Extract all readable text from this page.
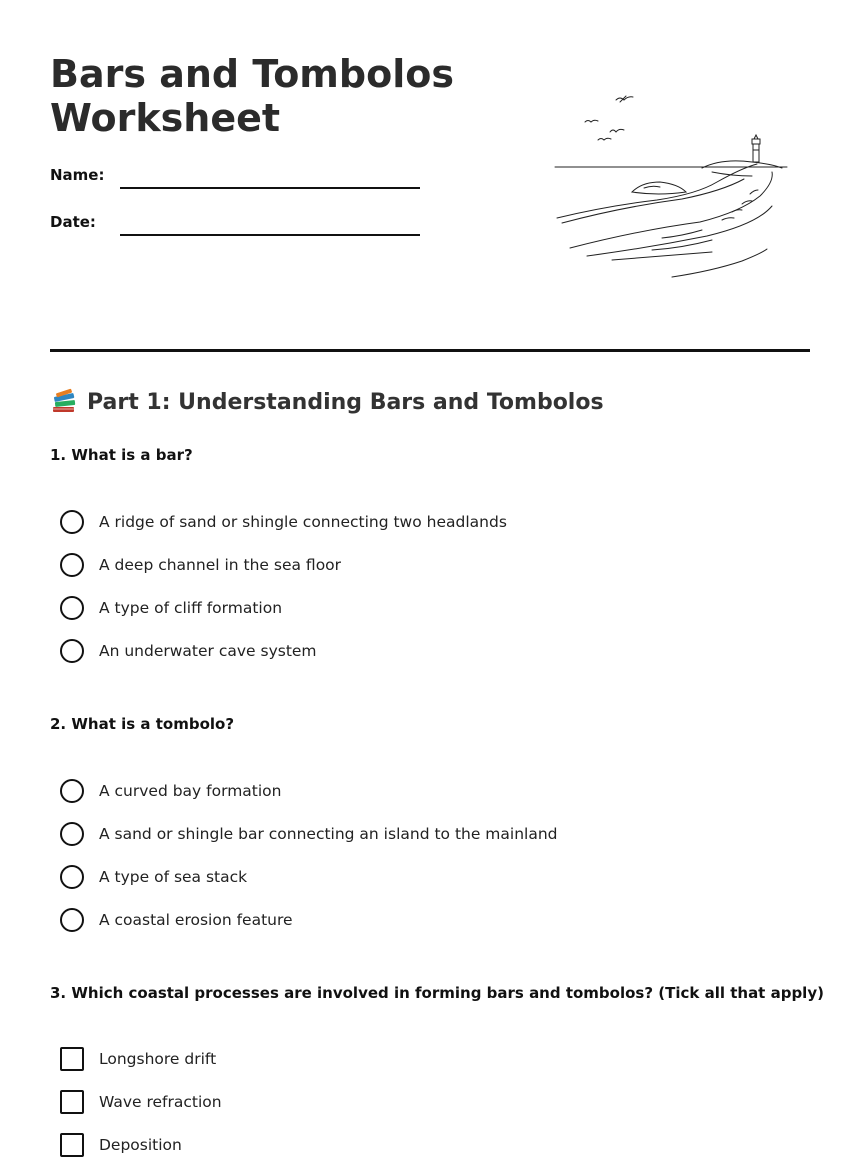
Bars and Tombolos Worksheet
Name:
Date:
Part 1: Understanding Bars and Tombolos

1. What is a bar?

A ridge of sand or shingle connecting two headlands
A deep channel in the sea floor
A type of cliff formation
An underwater cave system

2. What is a tombolo?

A curved bay formation
A sand or shingle bar connecting an island to the mainland
A type of sea stack
A coastal erosion feature

3. Which coastal processes are involved in forming bars and tombolos? (Tick all that apply)

Longshore drift
Wave refraction
Deposition
